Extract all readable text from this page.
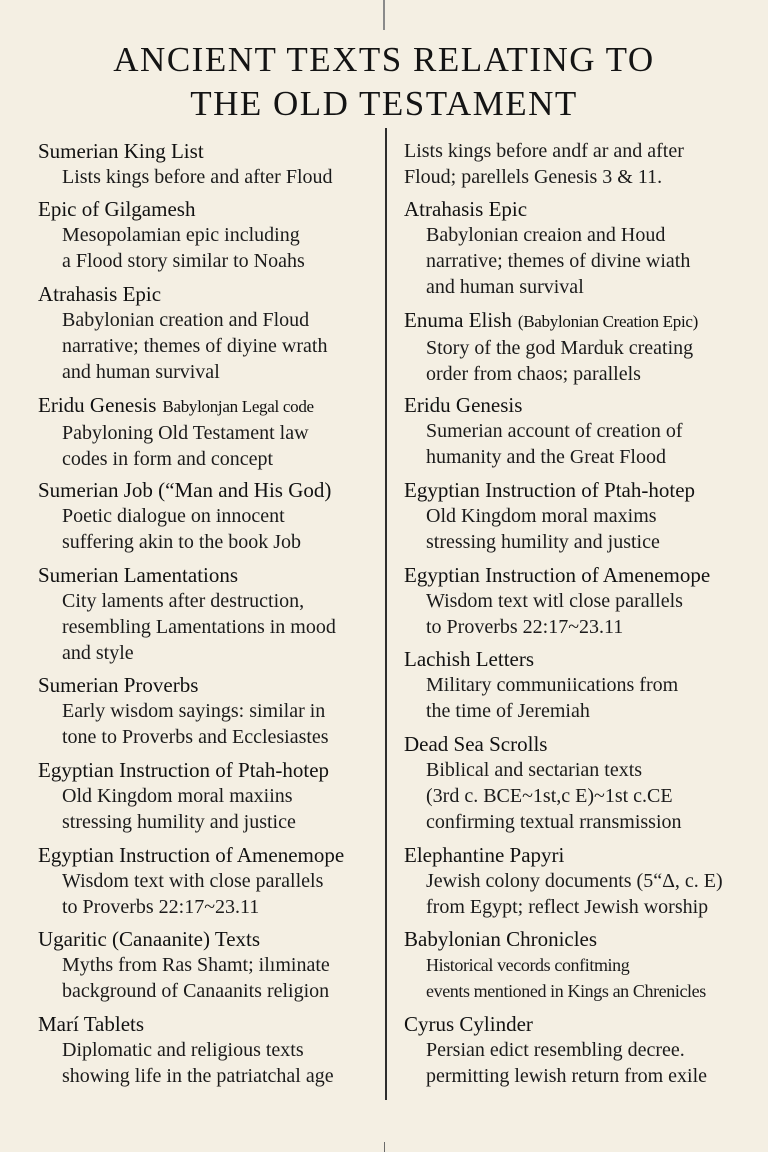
ANCIENT TEXTS RELATING TO
THE OLD TESTAMENT
Sumerian King List
Lists kings before and after Floud
Epic of Gilgamesh
Mesopolamian epic including
a Flood story similar to Noahs
Atrahasis Epic
Babylonian creation and Floud
narrative; themes of diyine wrath
and human survival
Eridu Genesis Babylonjan Legal code
Pabyloning Old Testament law
codes in form and concept
Sumerian Job (“Man and His God)
Poetic dialogue on innocent
suffering akin to the book Job
Sumerian Lamentations
City laments after destruction,
resembling Lamentations in mood
and style
Sumerian Proverbs
Early wisdom sayings: similar in
tone to Proverbs and Ecclesiastes
Egyptian Instruction of Ptah-hotep
Old Kingdom moral maxiins
stressing humility and justice
Egyptian Instruction of Amenemope
Wisdom text with close parallels
to Proverbs 22:17~23.11
Ugaritic (Canaanite) Texts
Myths from Ras Shamt; ilıminate
background of Canaanits religion
Marí Tablets
Diplomatic and religious texts
showing life in the patriatchal age
Lists kings before andf ar and after
Floud; parellels Genesis 3 & 11.
Atrahasis Epic
Babylonian creaion and Houd
narrative; themes of divine wiath
and human survival
Enuma Elish (Babylonian Creation Epic)
Story of the god Marduk creating
order from chaos; parallels
Eridu Genesis
Sumerian account of creation of
humanity and the Great Flood
Egyptian Instruction of Ptah-hotep
Old Kingdom moral maxims
stressing humility and justice
Egyptian Instruction of Amenemope
Wisdom text witl close parallels
to Proverbs 22:17~23.11
Lachish Letters
Military communiications from
the time of Jeremiah
Dead Sea Scrolls
Biblical and sectarian texts
(3rd c. BCE~1st,c E)~1st c.CE
confirming textual rransmission
Elephantine Papyri
Jewish colony documents (5“Δ, c. E)
from Egypt; reflect Jewish worship
Babylonian Chronicles
Historical vecords confitming
events mentioned in Kings an Chrenicles
Cyrus Cylinder
Persian edict resembling decree.
permitting lewish return from exile
